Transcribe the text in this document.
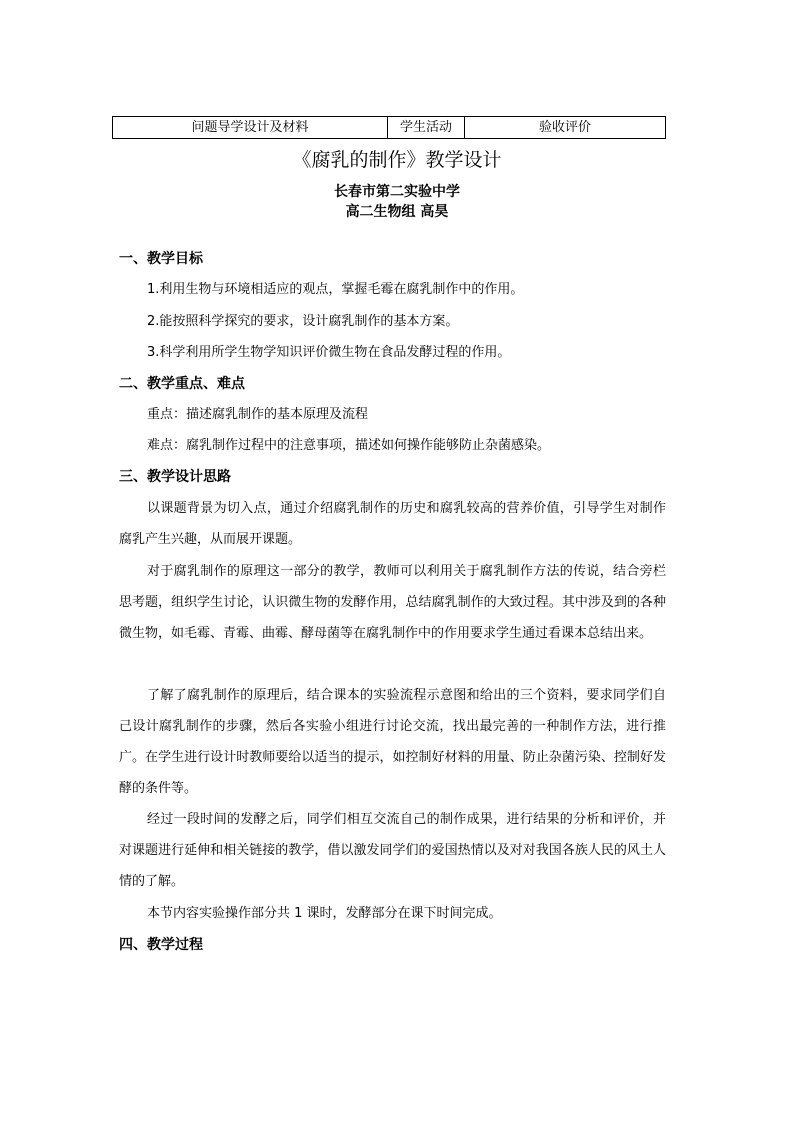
问题导学设计及材料	学生活动	验收评价
《腐乳的制作》教学设计
长春市第二实验中学
高二生物组 高昊
一、教学目标
1.利用生物与环境相适应的观点，掌握毛霉在腐乳制作中的作用。
2.能按照科学探究的要求，设计腐乳制作的基本方案。
3.科学利用所学生物学知识评价微生物在食品发酵过程的作用。
二、教学重点、难点
重点：描述腐乳制作的基本原理及流程
难点：腐乳制作过程中的注意事项，描述如何操作能够防止杂菌感染。
三、教学设计思路

以课题背景为切入点，通过介绍腐乳制作的历史和腐乳较高的营养价值，引导学生对制作腐乳产生兴趣，从而展开课题。

对于腐乳制作的原理这一部分的教学，教师可以利用关于腐乳制作方法的传说，结合旁栏思考题，组织学生讨论，认识微生物的发酵作用，总结腐乳制作的大致过程。其中涉及到的各种微生物，如毛霉、青霉、曲霉、酵母菌等在腐乳制作中的作用要求学生通过看课本总结出来。

了解了腐乳制作的原理后，结合课本的实验流程示意图和给出的三个资料，要求同学们自己设计腐乳制作的步骤，然后各实验小组进行讨论交流，找出最完善的一种制作方法，进行推广。在学生进行设计时教师要给以适当的提示，如控制好材料的用量、防止杂菌污染、控制好发酵的条件等。

经过一段时间的发酵之后，同学们相互交流自己的制作成果，进行结果的分析和评价，并对课题进行延伸和相关链接的教学，借以激发同学们的爱国热情以及对对我国各族人民的风土人情的了解。

本节内容实验操作部分共 1 课时，发酵部分在课下时间完成。

四、教学过程
